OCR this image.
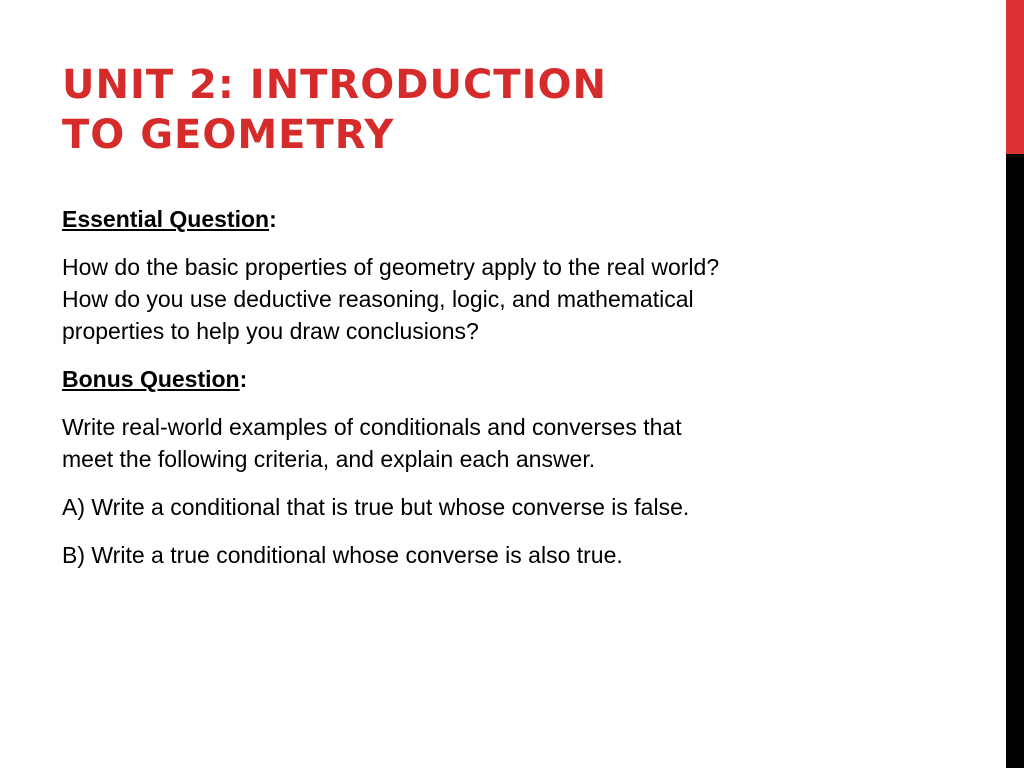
UNIT 2: INTRODUCTION
TO GEOMETRY

Essential Question:

How do the basic properties of geometry apply to the real world?
How do you use deductive reasoning, logic, and mathematical
properties to help you draw conclusions?

Bonus Question:

Write real-world examples of conditionals and converses that
meet the following criteria, and explain each answer.

A) Write a conditional that is true but whose converse is false.

B) Write a true conditional whose converse is also true.
